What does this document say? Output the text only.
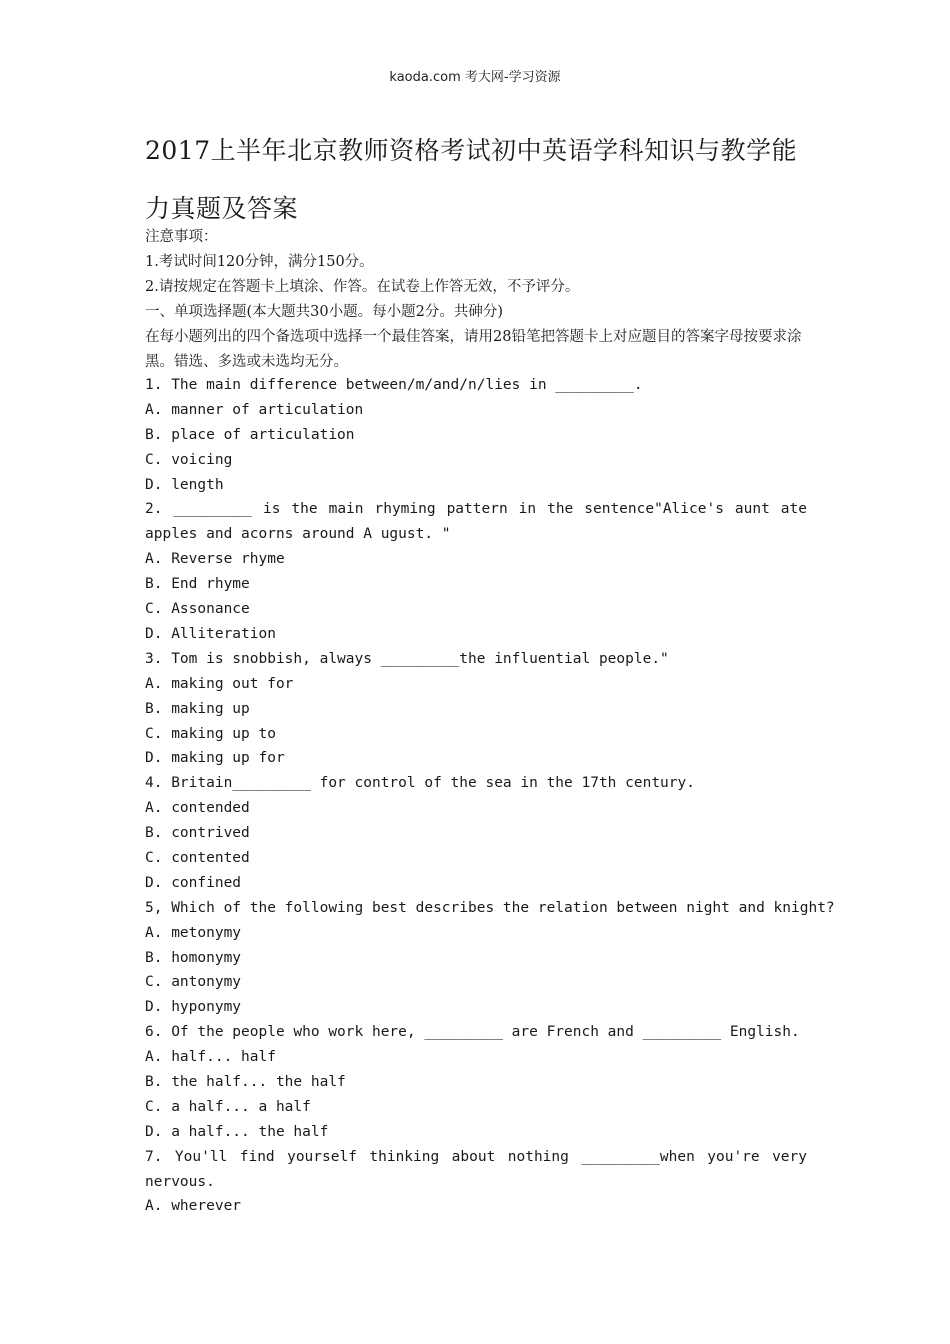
kaoda.com 考大网-学习资源
2017上半年北京教师资格考试初中英语学科知识与教学能力真题及答案
注意事项：
1.考试时间120分钟，满分150分。
2.请按规定在答题卡上填涂、作答。在试卷上作答无效，不予评分。
一、单项选择题(本大题共30小题。每小题2分。共砷分)
在每小题列出的四个备选项中选择一个最佳答案，请用28铅笔把答题卡上对应题目的答案字母按要求涂黑。错选、多选或未选均无分。
1. The main difference between/m/and/n/lies in _________.
A. manner of articulation
B. place of articulation
C. voicing
D. length
2. _________ is the main rhyming pattern in the sentence"Alice's aunt ate apples and acorns around A ugust. "
A. Reverse rhyme
B. End rhyme
C. Assonance
D. Alliteration
3. Tom is snobbish, always _________the influential people."
A. making out for
B. making up
C. making up to
D. making up for
4. Britain_________ for control of the sea in the 17th century.
A. contended
B. contrived
C. contented
D. confined
5, Which of the following best describes the relation between night and knight?
A. metonymy
B. homonymy
C. antonymy
D. hyponymy
6. Of the people who work here, _________ are French and _________ English.
A. half... half
B. the half... the half
C. a half... a half
D. a half... the half
7. You'll find yourself thinking about nothing _________when you're very nervous.
A. wherever
